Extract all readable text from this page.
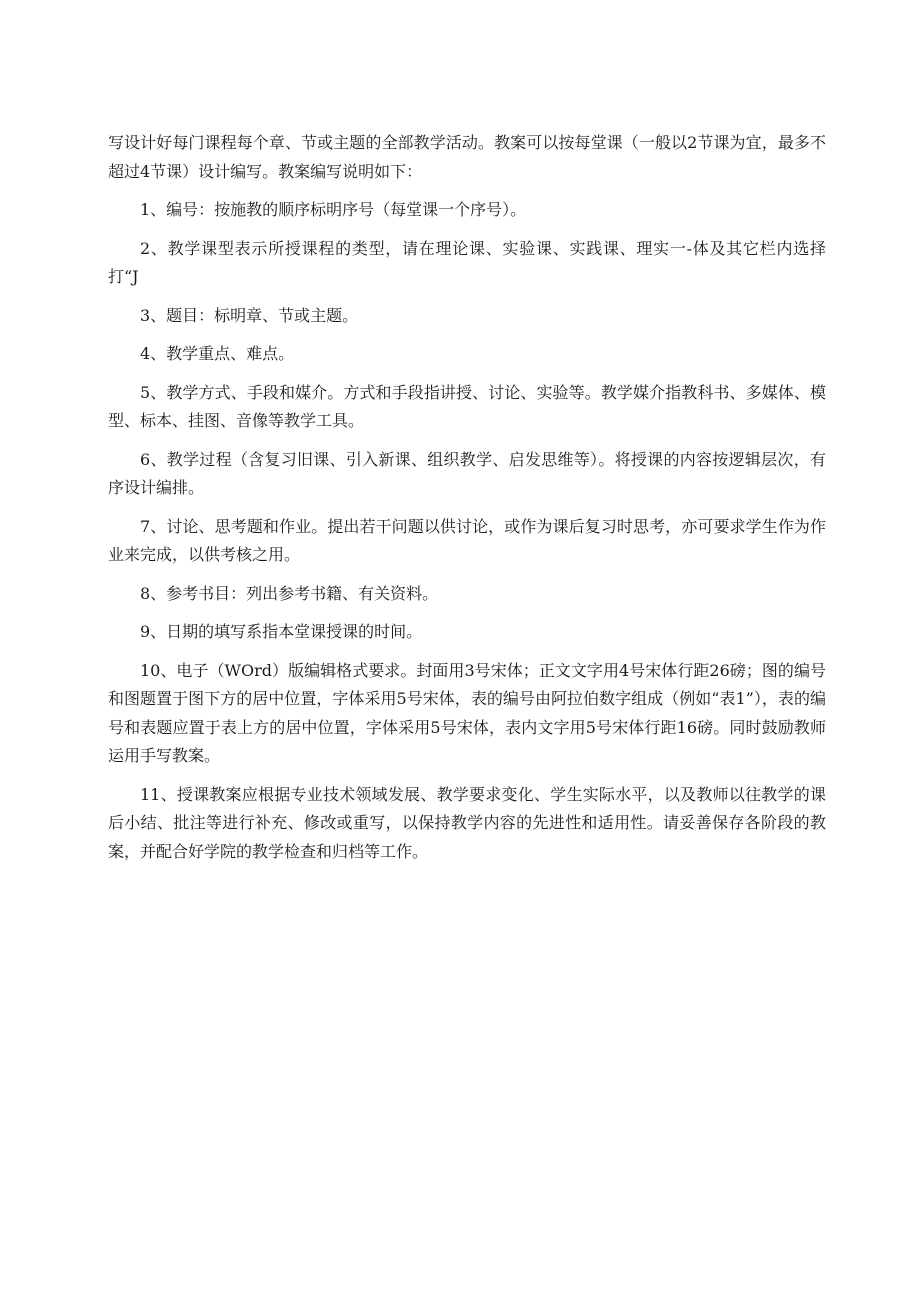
写设计好每门课程每个章、节或主题的全部教学活动。教案可以按每堂课（一般以2节课为宜，最多不超过4节课）设计编写。教案编写说明如下：

1、编号：按施教的顺序标明序号（每堂课一个序号）。

2、教学课型表示所授课程的类型，请在理论课、实验课、实践课、理实一-体及其它栏内选择打“J

3、题目：标明章、节或主题。

4、教学重点、难点。

5、教学方式、手段和媒介。方式和手段指讲授、讨论、实验等。教学媒介指教科书、多媒体、模型、标本、挂图、音像等教学工具。

6、教学过程（含复习旧课、引入新课、组织教学、启发思维等）。将授课的内容按逻辑层次，有序设计编排。

7、讨论、思考题和作业。提出若干问题以供讨论，或作为课后复习时思考，亦可要求学生作为作业来完成，以供考核之用。

8、参考书目：列出参考书籍、有关资料。

9、日期的填写系指本堂课授课的时间。

10、电子（WOrd）版编辑格式要求。封面用3号宋体；正文文字用4号宋体行距26磅；图的编号和图题置于图下方的居中位置，字体采用5号宋体，表的编号由阿拉伯数字组成（例如“表1”），表的编号和表题应置于表上方的居中位置，字体采用5号宋体，表内文字用5号宋体行距16磅。同时鼓励教师运用手写教案。

11、授课教案应根据专业技术领域发展、教学要求变化、学生实际水平，以及教师以往教学的课后小结、批注等进行补充、修改或重写，以保持教学内容的先进性和适用性。请妥善保存各阶段的教案，并配合好学院的教学检查和归档等工作。
